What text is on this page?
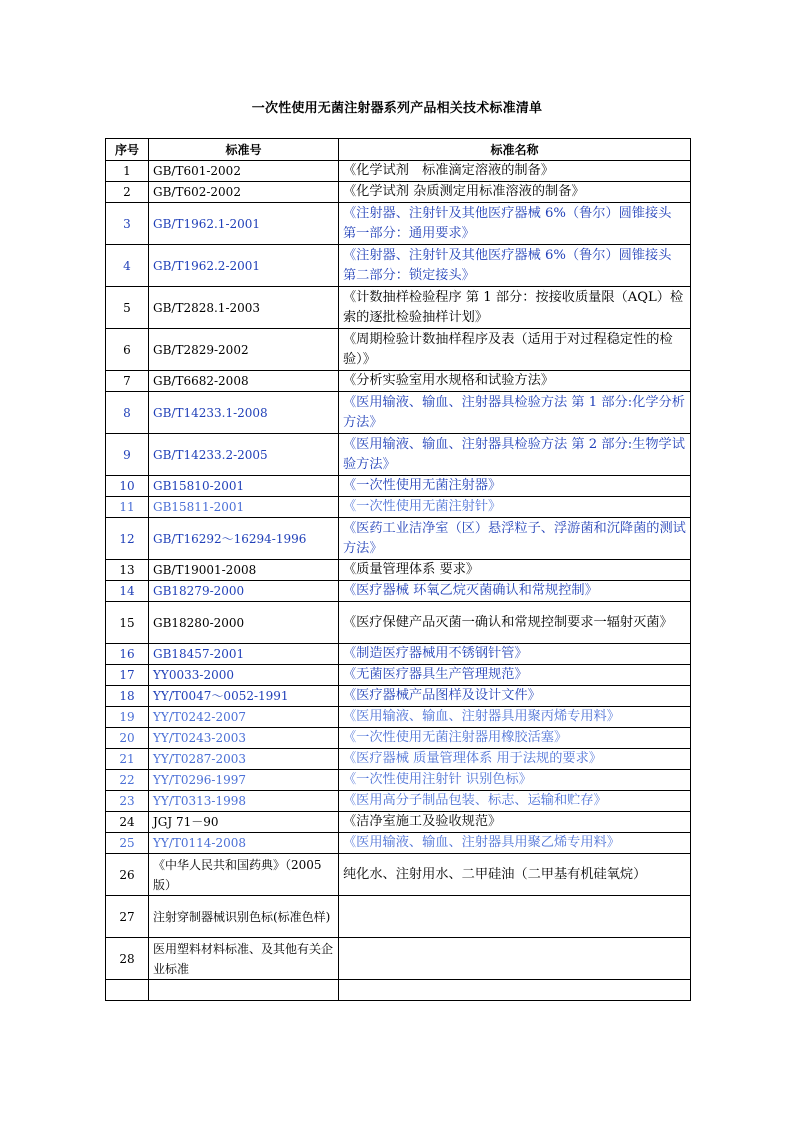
一次性使用无菌注射器系列产品相关技术标准清单
序号	标准号	标准名称
1	GB/T601-2002	《化学试剂　标准滴定溶液的制备》
2	GB/T602-2002	《化学试剂 杂质测定用标准溶液的制备》
3	GB/T1962.1-2001	《注射器、注射针及其他医疗器械 6%（鲁尔）圆锥接头 第一部分：通用要求》
4	GB/T1962.2-2001	《注射器、注射针及其他医疗器械 6%（鲁尔）圆锥接头 第二部分：锁定接头》
5	GB/T2828.1-2003	《计数抽样检验程序 第 1 部分：按接收质量限（AQL）检索的逐批检验抽样计划》
6	GB/T2829-2002	《周期检验计数抽样程序及表（适用于对过程稳定性的检验）》
7	GB/T6682-2008	《分析实验室用水规格和试验方法》
8	GB/T14233.1-2008	《医用输液、输血、注射器具检验方法 第 1 部分:化学分析方法》
9	GB/T14233.2-2005	《医用输液、输血、注射器具检验方法 第 2 部分:生物学试验方法》
10	GB15810-2001	《一次性使用无菌注射器》
11	GB15811-2001	《一次性使用无菌注射针》
12	GB/T16292～16294-1996	《医药工业洁净室（区）悬浮粒子、浮游菌和沉降菌的测试方法》
13	GB/T19001-2008	《质量管理体系 要求》
14	GB18279-2000	《医疗器械 环氧乙烷灭菌确认和常规控制》
15	GB18280-2000	《医疗保健产品灭菌一确认和常规控制要求一辐射灭菌》
16	GB18457-2001	《制造医疗器械用不锈钢针管》
17	YY0033-2000	《无菌医疗器具生产管理规范》
18	YY/T0047～0052-1991	《医疗器械产品图样及设计文件》
19	YY/T0242-2007	《医用输液、输血、注射器具用聚丙烯专用料》
20	YY/T0243-2003	《一次性使用无菌注射器用橡胶活塞》
21	YY/T0287-2003	《医疗器械 质量管理体系 用于法规的要求》
22	YY/T0296-1997	《一次性使用注射针 识别色标》
23	YY/T0313-1998	《医用高分子制品包装、标志、运输和贮存》
24	JGJ 71－90	《洁净室施工及验收规范》
25	YY/T0114-2008	《医用输液、输血、注射器具用聚乙烯专用料》
26	《中华人民共和国药典》（2005版）	纯化水、注射用水、二甲硅油（二甲基有机硅氧烷）
27	注射穿制器械识别色标(标准色样)	
28	医用塑料材料标准、及其他有关企业标准	
